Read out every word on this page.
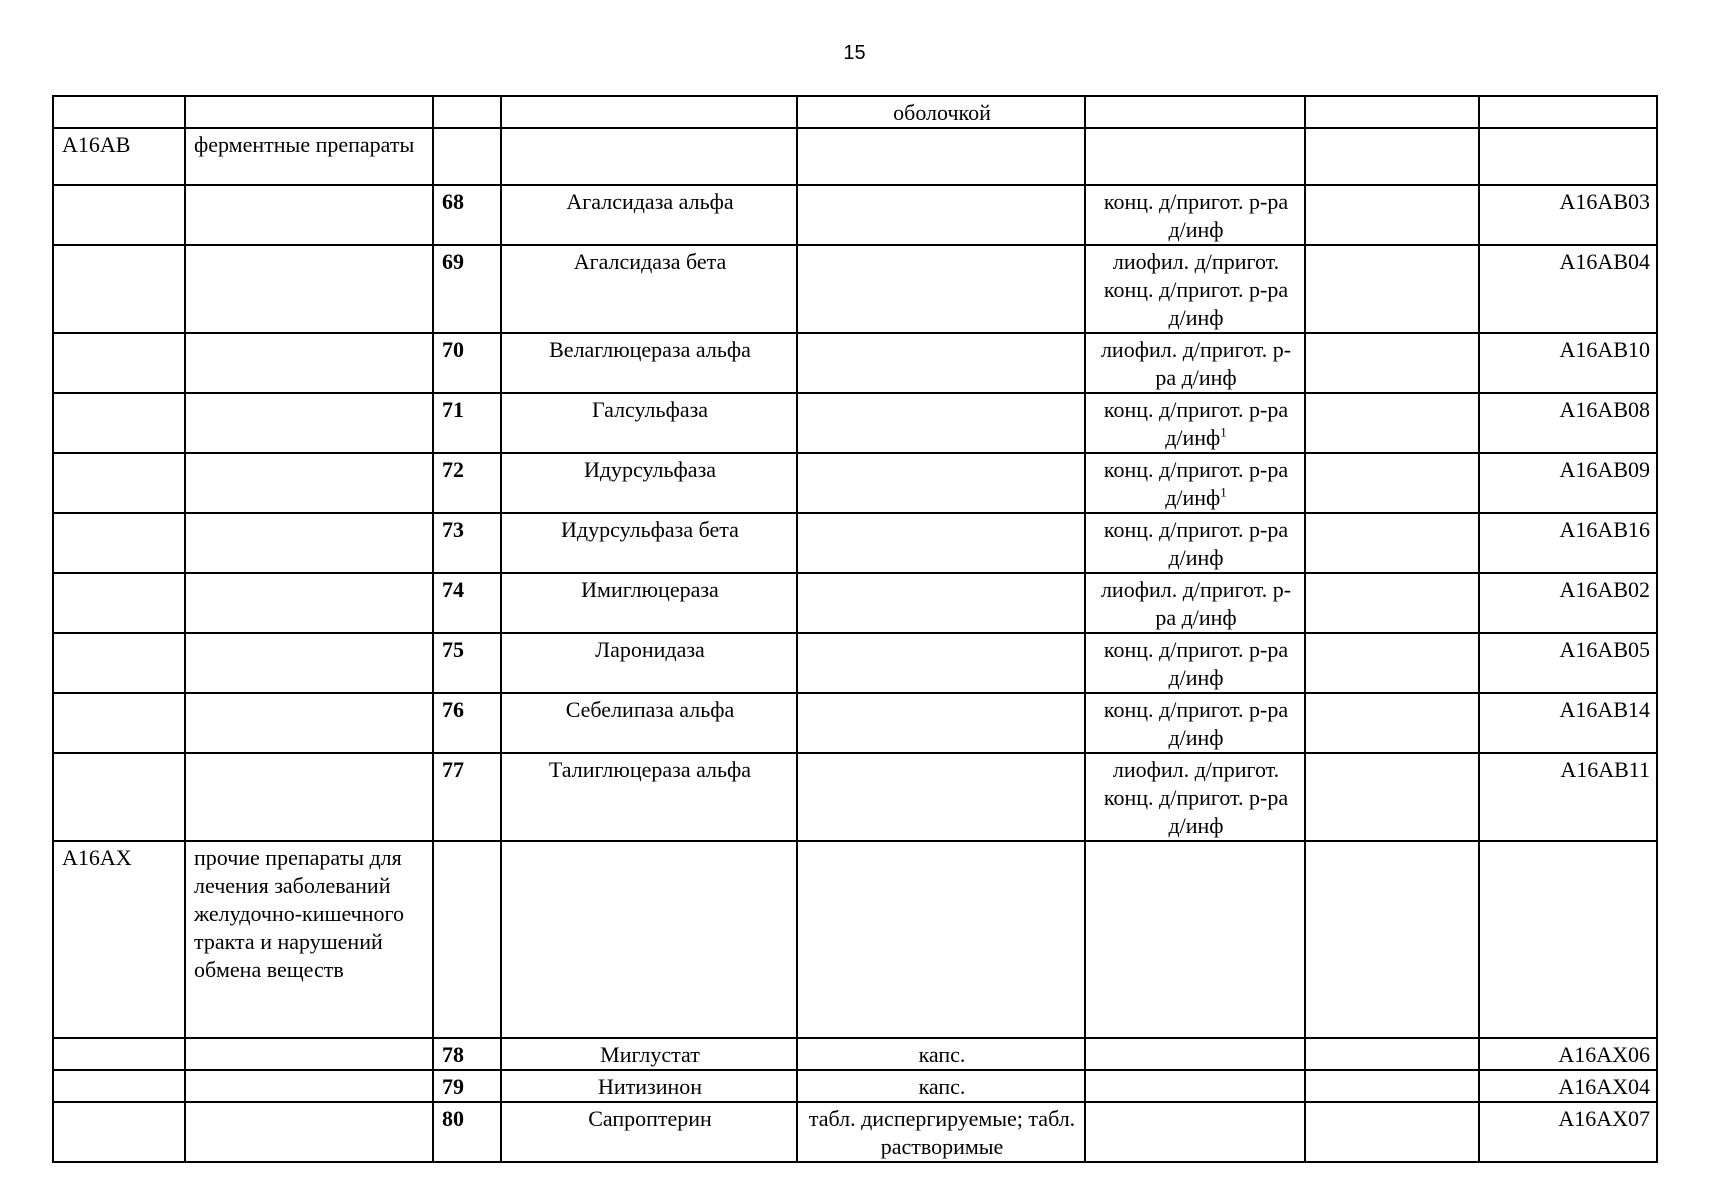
15
				оболочкой			
A16AB	ферментные препараты						
		68	Агалсидаза альфа		конц. д/пригот. р-ра д/инф		A16AB03
		69	Агалсидаза бета		лиофил. д/пригот. конц. д/пригот. р-ра д/инф		A16AB04
		70	Велаглюцераза альфа		лиофил. д/пригот. р-ра д/инф		A16AB10
		71	Галсульфаза		конц. д/пригот. р-ра д/инф$^1$		A16AB08
		72	Идурсульфаза		конц. д/пригот. р-ра д/инф$^1$		A16AB09
		73	Идурсульфаза бета		конц. д/пригот. р-ра д/инф		A16AB16
		74	Имиглюцераза		лиофил. д/пригот. р-ра д/инф		A16AB02
		75	Ларонидаза		конц. д/пригот. р-ра д/инф		A16AB05
		76	Себелипаза альфа		конц. д/пригот. р-ра д/инф		A16AB14
		77	Талиглюцераза альфа		лиофил. д/пригот. конц. д/пригот. р-ра д/инф		A16AB11
A16AX	прочие препараты для лечения заболеваний желудочно-кишечного тракта и нарушений обмена веществ						
		78	Миглустат	капс.			A16AX06
		79	Нитизинон	капс.			A16AX04
		80	Сапроптерин	табл. диспергируемые; табл. растворимые			A16AX07
